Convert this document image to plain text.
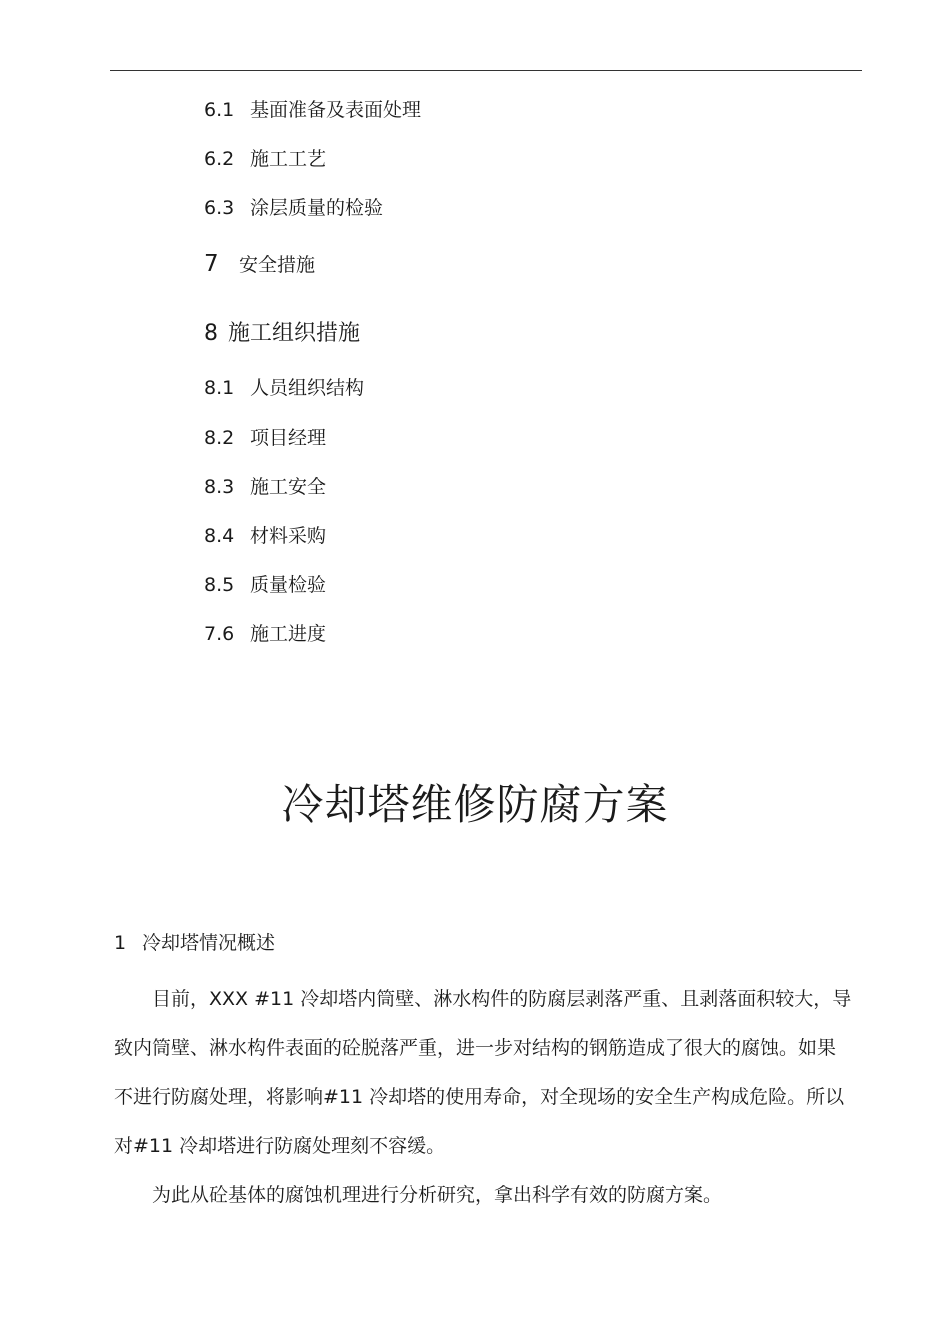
6.1 基面准备及表面处理
6.2 施工工艺
6.3 涂层质量的检验
7 安全措施
8 施工组织措施
8.1 人员组织结构
8.2 项目经理
8.3 施工安全
8.4 材料采购
8.5 质量检验
7.6 施工进度
冷却塔维修防腐方案
1 冷却塔情况概述
目前，XXX #11 冷却塔内筒壁、淋水构件的防腐层剥落严重、且剥落面积较大，导
致内筒壁、淋水构件表面的砼脱落严重，进一步对结构的钢筋造成了很大的腐蚀。如果
不进行防腐处理，将影响#11 冷却塔的使用寿命，对全现场的安全生产构成危险。所以
对#11 冷却塔进行防腐处理刻不容缓。
为此从砼基体的腐蚀机理进行分析研究，拿出科学有效的防腐方案。
